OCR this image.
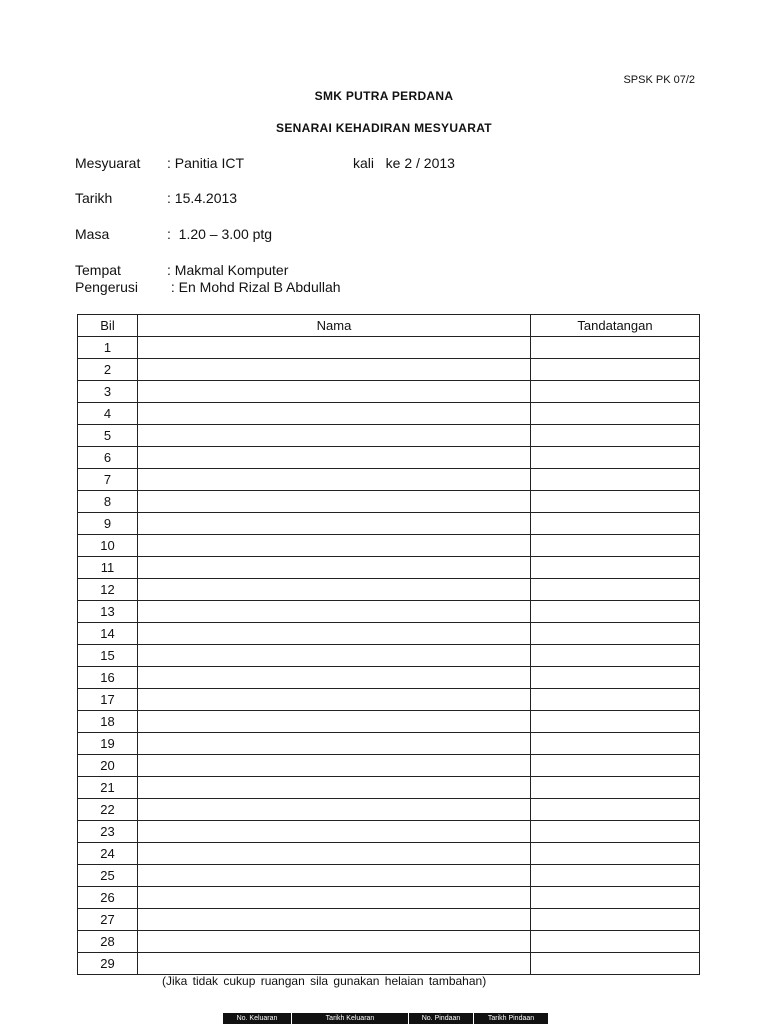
SPSK PK 07/2
SMK PUTRA PERDANA
SENARAI KEHADIRAN MESYUARAT

Mesyuarat

: Panitia ICT

	kali   ke 2 / 2013

Tarikh

	: 15.4.2013

Masa

	:  1.20 – 3.00 ptg

Tempat

	: Makmal Komputer

Pengerusi

: En Mohd Rizal B Abdullah

Bil	Nama	Tandatangan
1		
2		
3		
4		
5		
6		
7		
8		
9		
10		
11		
12		
13		
14		
15		
16		
17		
18		
19		
20		
21		
22		
23		
24		
25		
26		
27		
28		
29		
(Jika tidak cukup ruangan sila gunakan helaian tambahan)
No. Keluaran	Tarikh Keluaran	No. Pindaan	Tarikh Pindaan
